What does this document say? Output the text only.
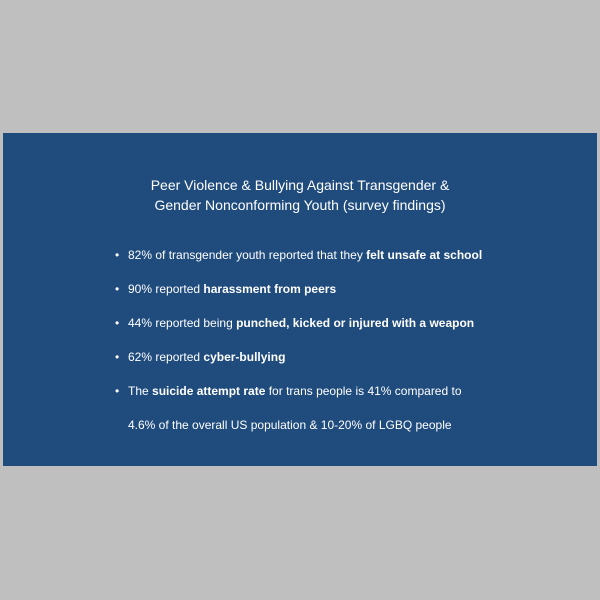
Peer Violence & Bullying Against Transgender &
Gender Nonconforming Youth (survey findings)
• 82% of transgender youth reported that they felt unsafe at school
• 90% reported harassment from peers
• 44% reported being punched, kicked or injured with a weapon
• 62% reported cyber-bullying
• The suicide attempt rate for trans people is 41% compared to
4.6% of the overall US population & 10-20% of LGBQ people
